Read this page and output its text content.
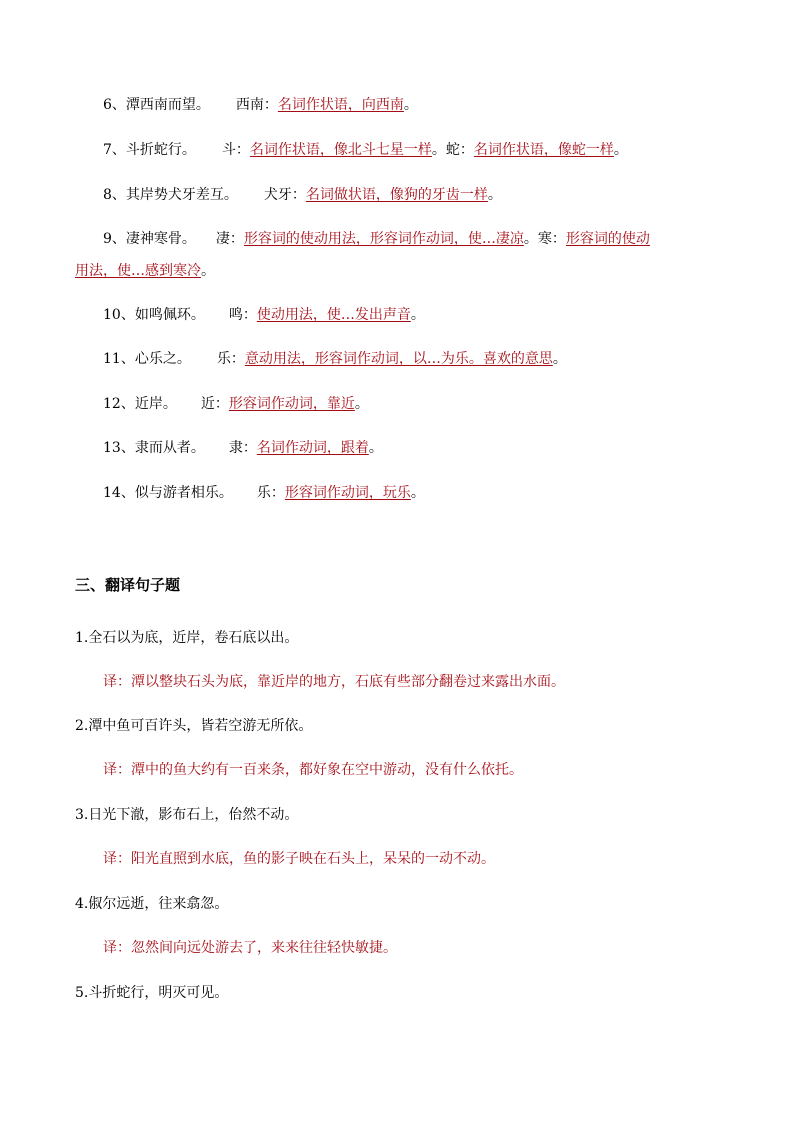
6、潭西南而望。 西南：名词作状语，向西南。
7、斗折蛇行。 斗：名词作状语，像北斗七星一样。蛇：名词作状语，像蛇一样。
8、其岸势犬牙差互。 犬牙：名词做状语，像狗的牙齿一样。
9、凄神寒骨。 凄：形容词的使动用法，形容词作动词，使…凄凉。寒：形容词的使动
用法，使…感到寒冷。
10、如鸣佩环。 鸣：使动用法，使…发出声音。
11、心乐之。 乐：意动用法，形容词作动词，以…为乐。喜欢的意思。
12、近岸。 近：形容词作动词，靠近。
13、隶而从者。 隶：名词作动词，跟着。
14、似与游者相乐。 乐：形容词作动词，玩乐。
三、翻译句子题
1.全石以为底，近岸，卷石底以出。
译：潭以整块石头为底，靠近岸的地方，石底有些部分翻卷过来露出水面。
2.潭中鱼可百许头，皆若空游无所依。
译：潭中的鱼大约有一百来条，都好象在空中游动，没有什么依托。
3.日光下澈，影布石上，佁然不动。
译：阳光直照到水底，鱼的影子映在石头上，呆呆的一动不动。
4.俶尔远逝，往来翕忽。
译：忽然间向远处游去了，来来往往轻快敏捷。
5.斗折蛇行，明灭可见。
